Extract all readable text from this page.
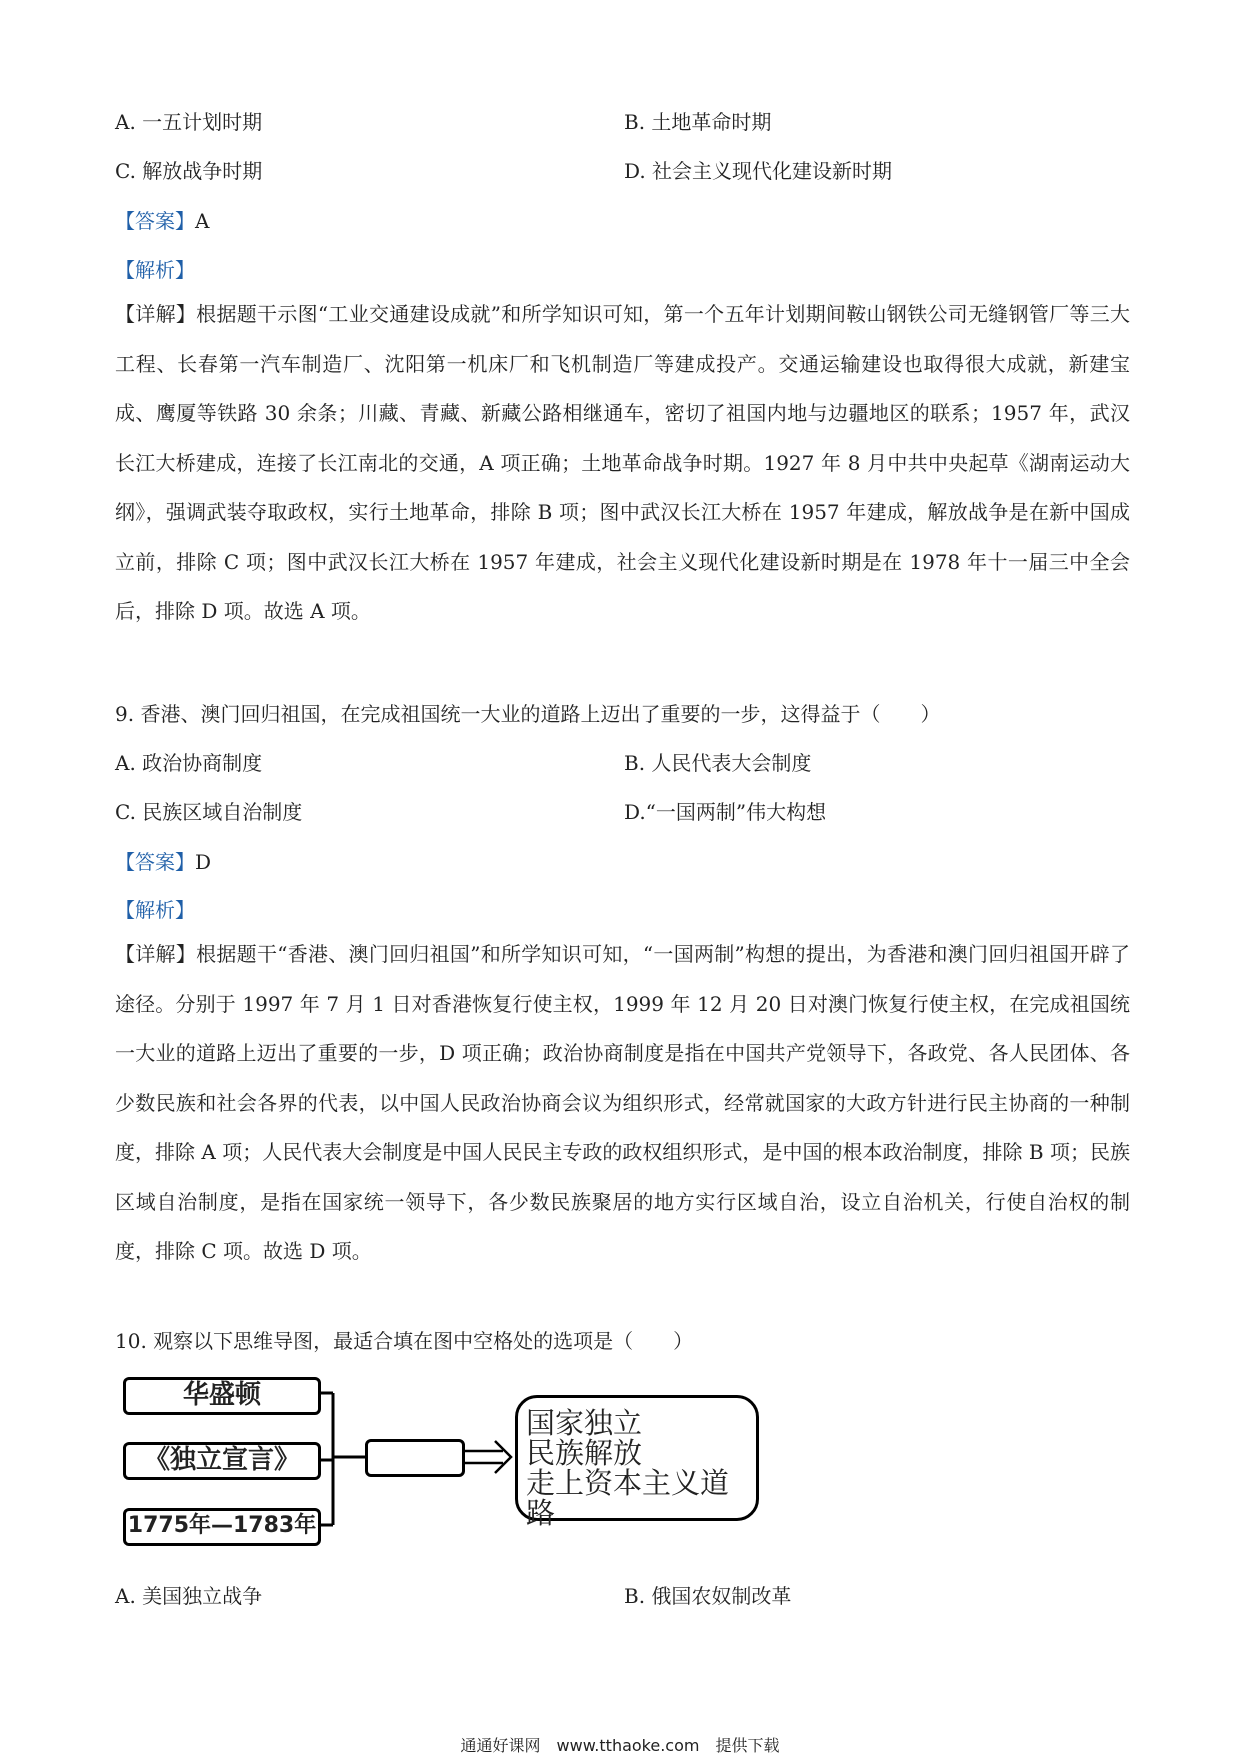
A. 一五计划时期	B. 土地革命时期
C. 解放战争时期	D. 社会主义现代化建设新时期
【答案】A
【解析】
【详解】根据题干示图“工业交通建设成就”和所学知识可知，第一个五年计划期间鞍山钢铁公司无缝钢管厂等三大工程、长春第一汽车制造厂、沈阳第一机床厂和飞机制造厂等建成投产。交通运输建设也取得很大成就，新建宝成、鹰厦等铁路 30 余条；川藏、青藏、新藏公路相继通车，密切了祖国内地与边疆地区的联系；1957 年，武汉长江大桥建成，连接了长江南北的交通，A 项正确；土地革命战争时期。1927 年 8 月中共中央起草《湖南运动大纲》，强调武装夺取政权，实行土地革命，排除 B 项；图中武汉长江大桥在 1957 年建成，解放战争是在新中国成立前，排除 C 项；图中武汉长江大桥在 1957 年建成，社会主义现代化建设新时期是在 1978 年十一届三中全会后，排除 D 项。故选 A 项。
9. 香港、澳门回归祖国，在完成祖国统一大业的道路上迈出了重要的一步，这得益于（　　）
A. 政治协商制度	B. 人民代表大会制度
C. 民族区域自治制度	D.“一国两制”伟大构想
【答案】D
【解析】
【详解】根据题干“香港、澳门回归祖国”和所学知识可知，“一国两制”构想的提出，为香港和澳门回归祖国开辟了途径。分别于 1997 年 7 月 1 日对香港恢复行使主权，1999 年 12 月 20 日对澳门恢复行使主权，在完成祖国统一大业的道路上迈出了重要的一步，D 项正确；政治协商制度是指在中国共产党领导下，各政党、各人民团体、各少数民族和社会各界的代表，以中国人民政治协商会议为组织形式，经常就国家的大政方针进行民主协商的一种制度，排除 A 项；人民代表大会制度是中国人民民主专政的政权组织形式，是中国的根本政治制度，排除 B 项；民族区域自治制度，是指在国家统一领导下，各少数民族聚居的地方实行区域自治，设立自治机关，行使自治权的制度，排除 C 项。故选 D 项。
10. 观察以下思维导图，最适合填在图中空格处的选项是（　　）
华盛顿
《独立宣言》
1775年—1783年
国家独立
民族解放
走上资本主义道路
A. 美国独立战争	B. 俄国农奴制改革
通通好课网　www.tthaoke.com　提供下载
